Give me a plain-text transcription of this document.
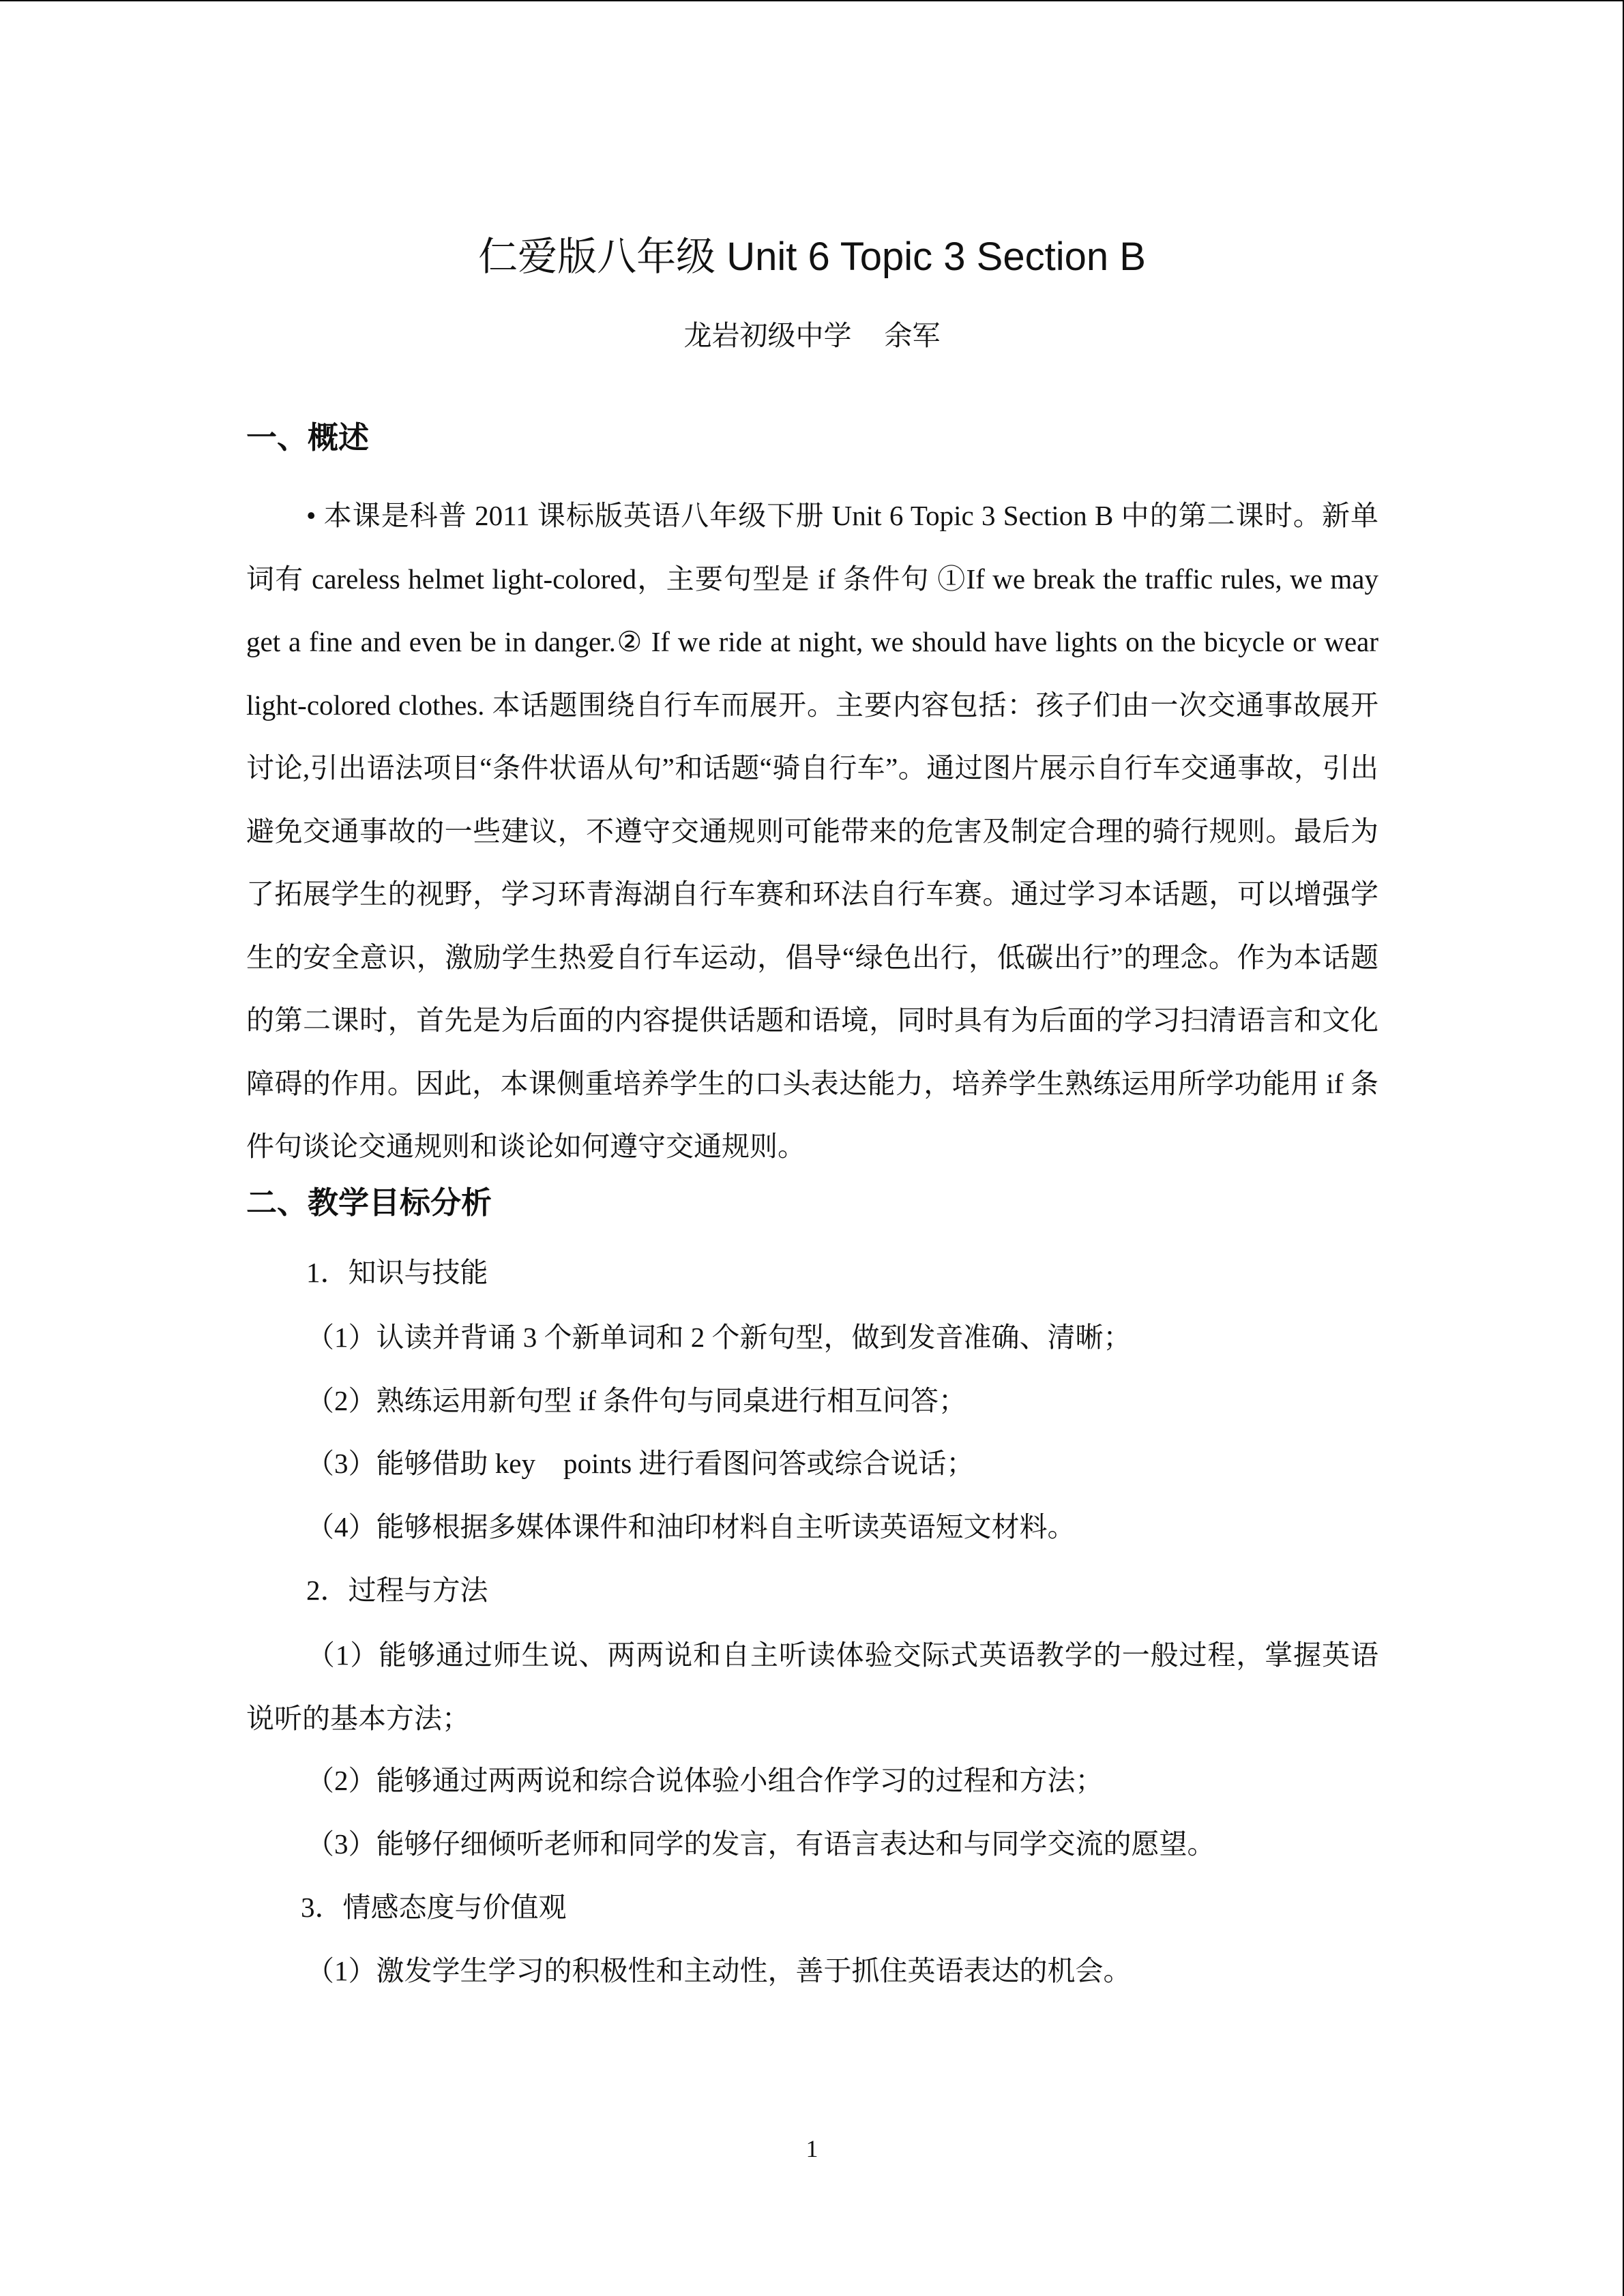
仁爱版八年级 Unit 6 Topic 3 Section B
龙岩初级中学 余军
一、概述
• 本课是科普 2011 课标版英语八年级下册 Unit 6 Topic 3 Section B 中的第二课时。新单词有 careless helmet light-colored，主要句型是 if 条件句 ①If we break the traffic rules, we may get a fine and even be in danger.② If we ride at night, we should have lights on the bicycle or wear light-colored clothes. 本话题围绕自行车而展开。主要内容包括：孩子们由一次交通事故展开讨论,引出语法项目“条件状语从句”和话题“骑自行车”。通过图片展示自行车交通事故，引出避免交通事故的一些建议，不遵守交通规则可能带来的危害及制定合理的骑行规则。最后为了拓展学生的视野，学习环青海湖自行车赛和环法自行车赛。通过学习本话题，可以增强学生的安全意识，激励学生热爱自行车运动，倡导“绿色出行，低碳出行”的理念。作为本话题的第二课时，首先是为后面的内容提供话题和语境，同时具有为后面的学习扫清语言和文化障碍的作用。因此，本课侧重培养学生的口头表达能力，培养学生熟练运用所学功能用 if 条件句谈论交通规则和谈论如何遵守交通规则。
二、教学目标分析
1．知识与技能
（1）认读并背诵 3 个新单词和 2 个新句型，做到发音准确、清晰；
（2）熟练运用新句型 if 条件句与同桌进行相互问答；
（3）能够借助 key　points 进行看图问答或综合说话；
（4）能够根据多媒体课件和油印材料自主听读英语短文材料。
2．过程与方法
（1）能够通过师生说、两两说和自主听读体验交际式英语教学的一般过程，掌握英语说听的基本方法；
（2）能够通过两两说和综合说体验小组合作学习的过程和方法；
（3）能够仔细倾听老师和同学的发言，有语言表达和与同学交流的愿望。
3．情感态度与价值观
（1）激发学生学习的积极性和主动性，善于抓住英语表达的机会。
1
